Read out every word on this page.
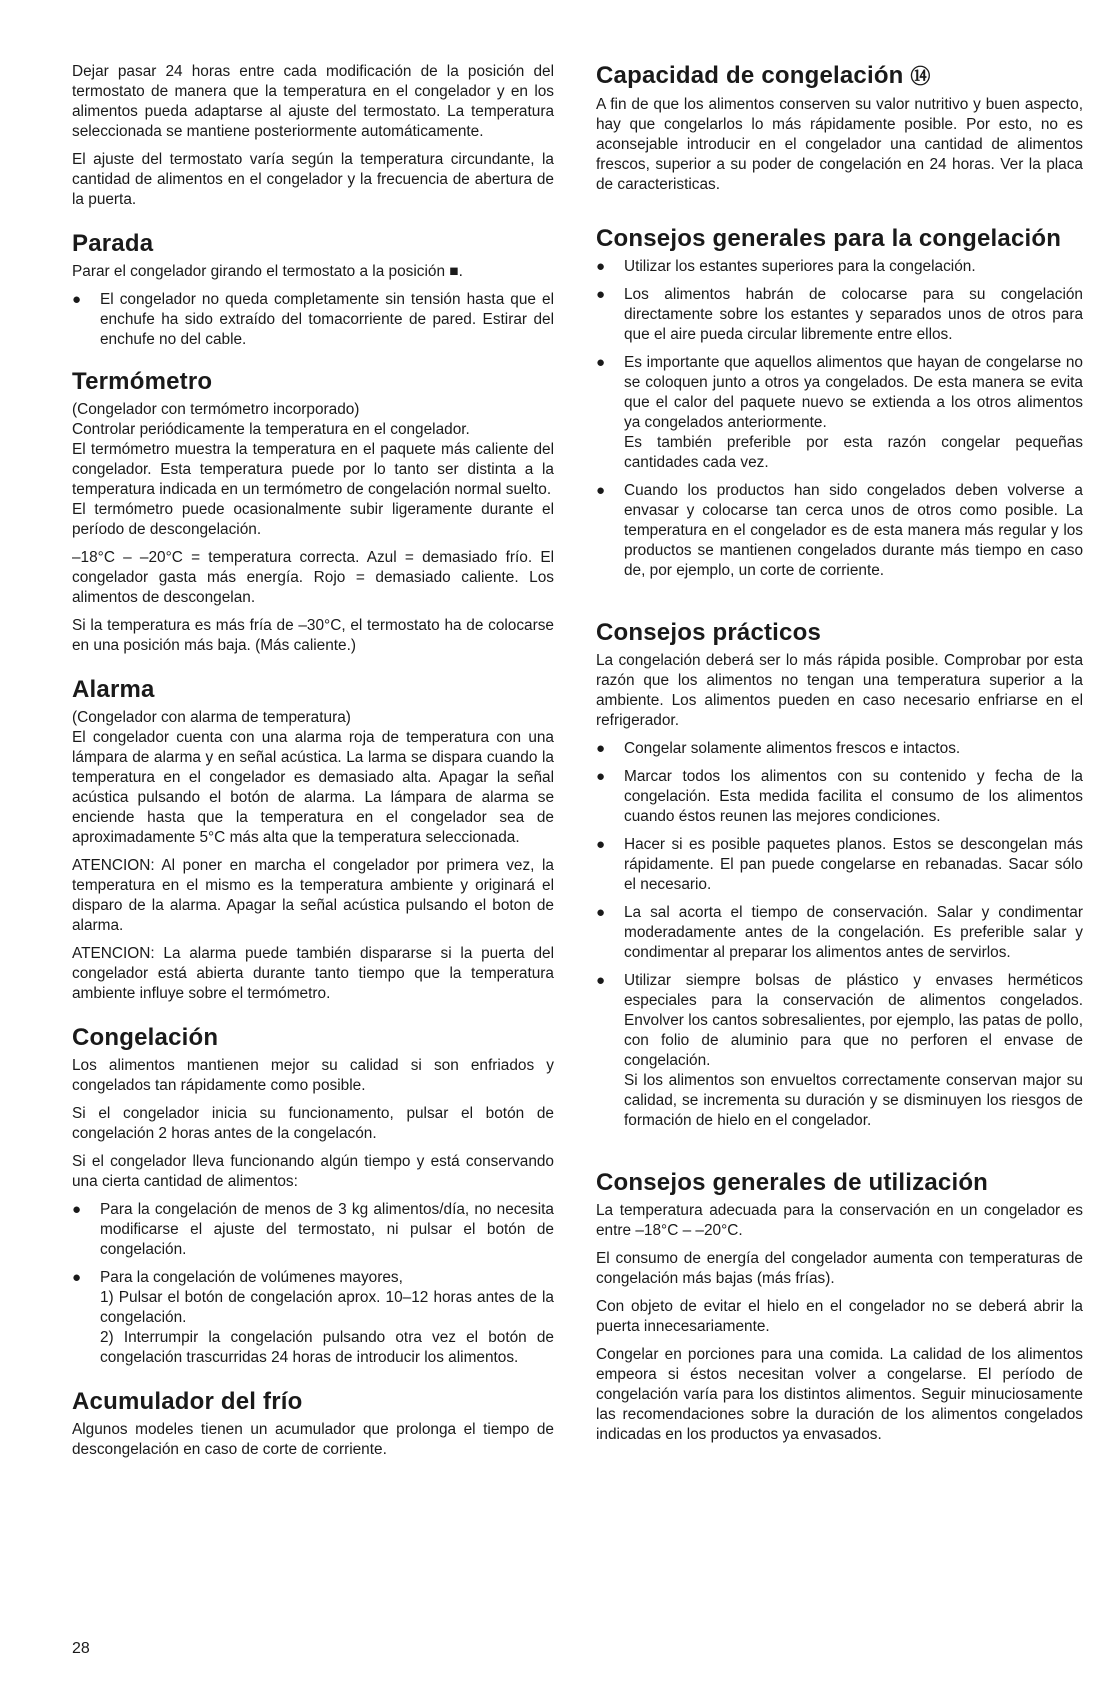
Dejar pasar 24 horas entre cada modificación de la posición del termostato de manera que la temperatura en el congelador y en los alimentos pueda adaptarse al ajuste del termostato. La temperatura seleccionada se mantiene posteriormente automáticamente.

El ajuste del termostato varía según la temperatura circundante, la cantidad de alimentos en el congelador y la frecuencia de abertura de la puerta.

Parada

Parar el congelador girando el termostato a la posición ■.

● El congelador no queda completamente sin tensión hasta que el enchufe ha sido extraído del tomacorriente de pared. Estirar del enchufe no del cable.
Termómetro

(Congelador con termómetro incorporado)
Controlar periódicamente la temperatura en el congelador.
El termómetro muestra la temperatura en el paquete más caliente del congelador. Esta temperatura puede por lo tanto ser distinta a la temperatura indicada en un termómetro de congelación normal suelto.
El termómetro puede ocasionalmente subir ligeramente durante el período de descongelación.

–18°C – –20°C = temperatura correcta. Azul = demasiado frío. El congelador gasta más energía. Rojo = demasiado caliente. Los alimentos de descongelan.

Si la temperatura es más fría de –30°C, el termostato ha de colocarse en una posición más baja. (Más caliente.)

Alarma

(Congelador con alarma de temperatura)
El congelador cuenta con una alarma roja de temperatura con una lámpara de alarma y en señal acústica. La larma se dispara cuando la temperatura en el congelador es demasiado alta. Apagar la señal acústica pulsando el botón de alarma. La lámpara de alarma se enciende hasta que la temperatura en el congelador sea de aproximadamente 5°C más alta que la temperatura seleccionada.

ATENCION: Al poner en marcha el congelador por primera vez, la temperatura en el mismo es la temperatura ambiente y originará el disparo de la alarma. Apagar la señal acústica pulsando el boton de alarma.

ATENCION: La alarma puede también dispararse si la puerta del congelador está abierta durante tanto tiempo que la temperatura ambiente influye sobre el termómetro.

Congelación

Los alimentos mantienen mejor su calidad si son enfriados y congelados tan rápidamente como posible.

Si el congelador inicia su funcionamento, pulsar el botón de congelación 2 horas antes de la congelacón.

Si el congelador lleva funcionando algún tiempo y está conservando una cierta cantidad de alimentos:

● Para la congelación de menos de 3 kg alimentos/día, no necesita modificarse el ajuste del termostato, ni pulsar el botón de congelación.
● Para la congelación de volúmenes mayores,
1) Pulsar el botón de congelación aprox. 10–12 horas antes de la congelación.
2) Interrumpir la congelación pulsando otra vez el botón de congelación trascurridas 24 horas de introducir los alimentos.
Acumulador del frío

Algunos modeles tienen un acumulador que prolonga el tiempo de descongelación en caso de corte de corriente.

Capacidad de congelación ⑭

A fin de que los alimentos conserven su valor nutritivo y buen aspecto, hay que congelarlos lo más rápidamente posible. Por esto, no es aconsejable introducir en el congelador una cantidad de alimentos frescos, superior a su poder de congelación en 24 horas. Ver la placa de caracteristicas.

Consejos generales para la congelación
● Utilizar los estantes superiores para la congelación.
● Los alimentos habrán de colocarse para su congelación directamente sobre los estantes y separados unos de otros para que el aire pueda circular libremente entre ellos.
● Es importante que aquellos alimentos que hayan de congelarse no se coloquen junto a otros ya congelados. De esta manera se evita que el calor del paquete nuevo se extienda a los otros alimentos ya congelados anteriormente.
Es también preferible por esta razón congelar pequeñas cantidades cada vez.
● Cuando los productos han sido congelados deben volverse a envasar y colocarse tan cerca unos de otros como posible. La temperatura en el congelador es de esta manera más regular y los productos se mantienen congelados durante más tiempo en caso de, por ejemplo, un corte de corriente.
Consejos prácticos

La congelación deberá ser lo más rápida posible. Comprobar por esta razón que los alimentos no tengan una temperatura superior a la ambiente. Los alimentos pueden en caso necesario enfriarse en el refrigerador.

● Congelar solamente alimentos frescos e intactos.
● Marcar todos los alimentos con su contenido y fecha de la congelación. Esta medida facilita el consumo de los alimentos cuando éstos reunen las mejores condiciones.
● Hacer si es posible paquetes planos. Estos se descongelan más rápidamente. El pan puede congelarse en rebanadas. Sacar sólo el necesario.
● La sal acorta el tiempo de conservación. Salar y condimentar moderadamente antes de la congelación. Es preferible salar y condimentar al preparar los alimentos antes de servirlos.
● Utilizar siempre bolsas de plástico y envases herméticos especiales para la conservación de alimentos congelados. Envolver los cantos sobresalientes, por ejemplo, las patas de pollo, con folio de aluminio para que no perforen el envase de congelación.
Si los alimentos son envueltos correctamente conservan major su calidad, se incrementa su duración y se disminuyen los riesgos de formación de hielo en el congelador.
Consejos generales de utilización

La temperatura adecuada para la conservación en un congelador es entre –18°C – –20°C.

El consumo de energía del congelador aumenta con temperaturas de congelación más bajas (más frías).

Con objeto de evitar el hielo en el congelador no se deberá abrir la puerta innecesariamente.

Congelar en porciones para una comida. La calidad de los alimentos empeora si éstos necesitan volver a congelarse. El período de congelación varía para los distintos alimentos. Seguir minuciosamente las recomendaciones sobre la duración de los alimentos congelados indicadas en los productos ya envasados.

28
